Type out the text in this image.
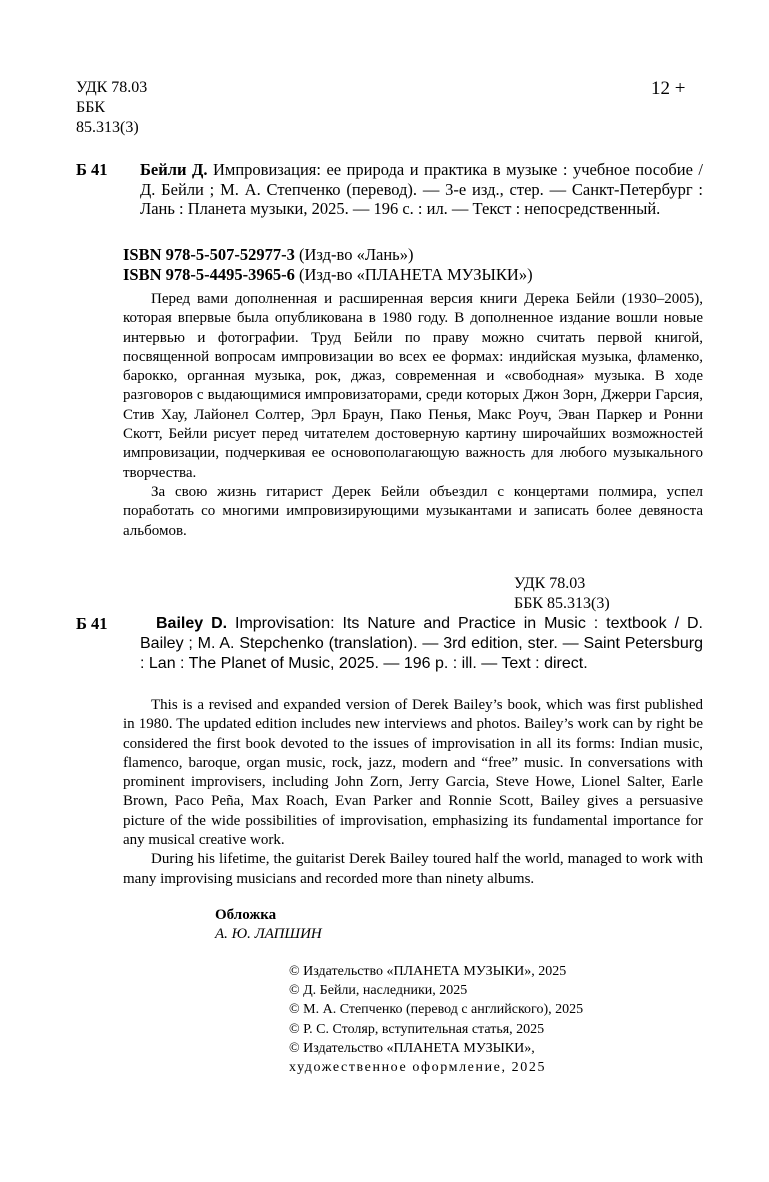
УДК 78.03
ББК
85.313(3)
12 +
Б 41 Бейли Д. Импровизация: ее природа и практика в музыке : учебное пособие / Д. Бейли ; М. А. Степченко (перевод). — 3-е изд., стер. — Санкт-Петербург : Лань : Планета музыки, 2025. — 196 с. : ил. — Текст : непосредственный.
ISBN 978-5-507-52977-3 (Изд-во «Лань»)
ISBN 978-5-4495-3965-6 (Изд-во «ПЛАНЕТА МУЗЫКИ»)

Перед вами дополненная и расширенная версия книги Дерека Бейли (1930–2005), которая впервые была опубликована в 1980 году. В дополненное издание вошли новые интервью и фотографии. Труд Бейли по праву можно считать первой книгой, посвященной вопросам импровизации во всех ее формах: индийская музыка, фламенко, барокко, органная музыка, рок, джаз, современная и «свободная» музыка. В ходе разговоров с выдающимися импровизаторами, среди которых Джон Зорн, Джерри Гарсия, Стив Хау, Лайонел Солтер, Эрл Браун, Пако Пенья, Макс Роуч, Эван Паркер и Ронни Скотт, Бейли рисует перед читателем достоверную картину широчайших возможностей импровизации, подчеркивая ее основополагающую важность для любого музыкального творчества.

За свою жизнь гитарист Дерек Бейли объездил с концертами полмира, успел поработать со многими импровизирующими музыкантами и записать более девяноста альбомов.

УДК 78.03
ББК 85.313(3)
Б 41	Bailey D. Improvisation: Its Nature and Practice in Music : textbook / D. Bailey ; M. A. Stepchenko (translation). — 3rd edition, ster. — Saint Petersburg : Lan : The Planet of Music, 2025. — 196 p. : ill. — Text : direct.

This is a revised and expanded version of Derek Bailey’s book, which was first published in 1980. The updated edition includes new interviews and photos. Bailey’s work can by right be considered the first book devoted to the issues of improvisation in all its forms: Indian music, flamenco, baroque, organ music, rock, jazz, modern and “free” music. In conversations with prominent improvisers, including John Zorn, Jerry Garcia, Steve Howe, Lionel Salter, Earle Brown, Paco Peña, Max Roach, Evan Parker and Ronnie Scott, Bailey gives a persuasive picture of the wide possibilities of improvisation, emphasizing its fundamental importance for any musical creative work.

During his lifetime, the guitarist Derek Bailey toured half the world, managed to work with many improvising musicians and recorded more than ninety albums.

Обложка
А. Ю. ЛАПШИН
© Издательство «ПЛАНЕТА МУЗЫКИ», 2025
© Д. Бейли, наследники, 2025
© М. А. Степченко (перевод с английского), 2025
© Р. С. Столяр, вступительная статья, 2025
© Издательство «ПЛАНЕТА МУЗЫКИ»,
художественное оформление, 2025
